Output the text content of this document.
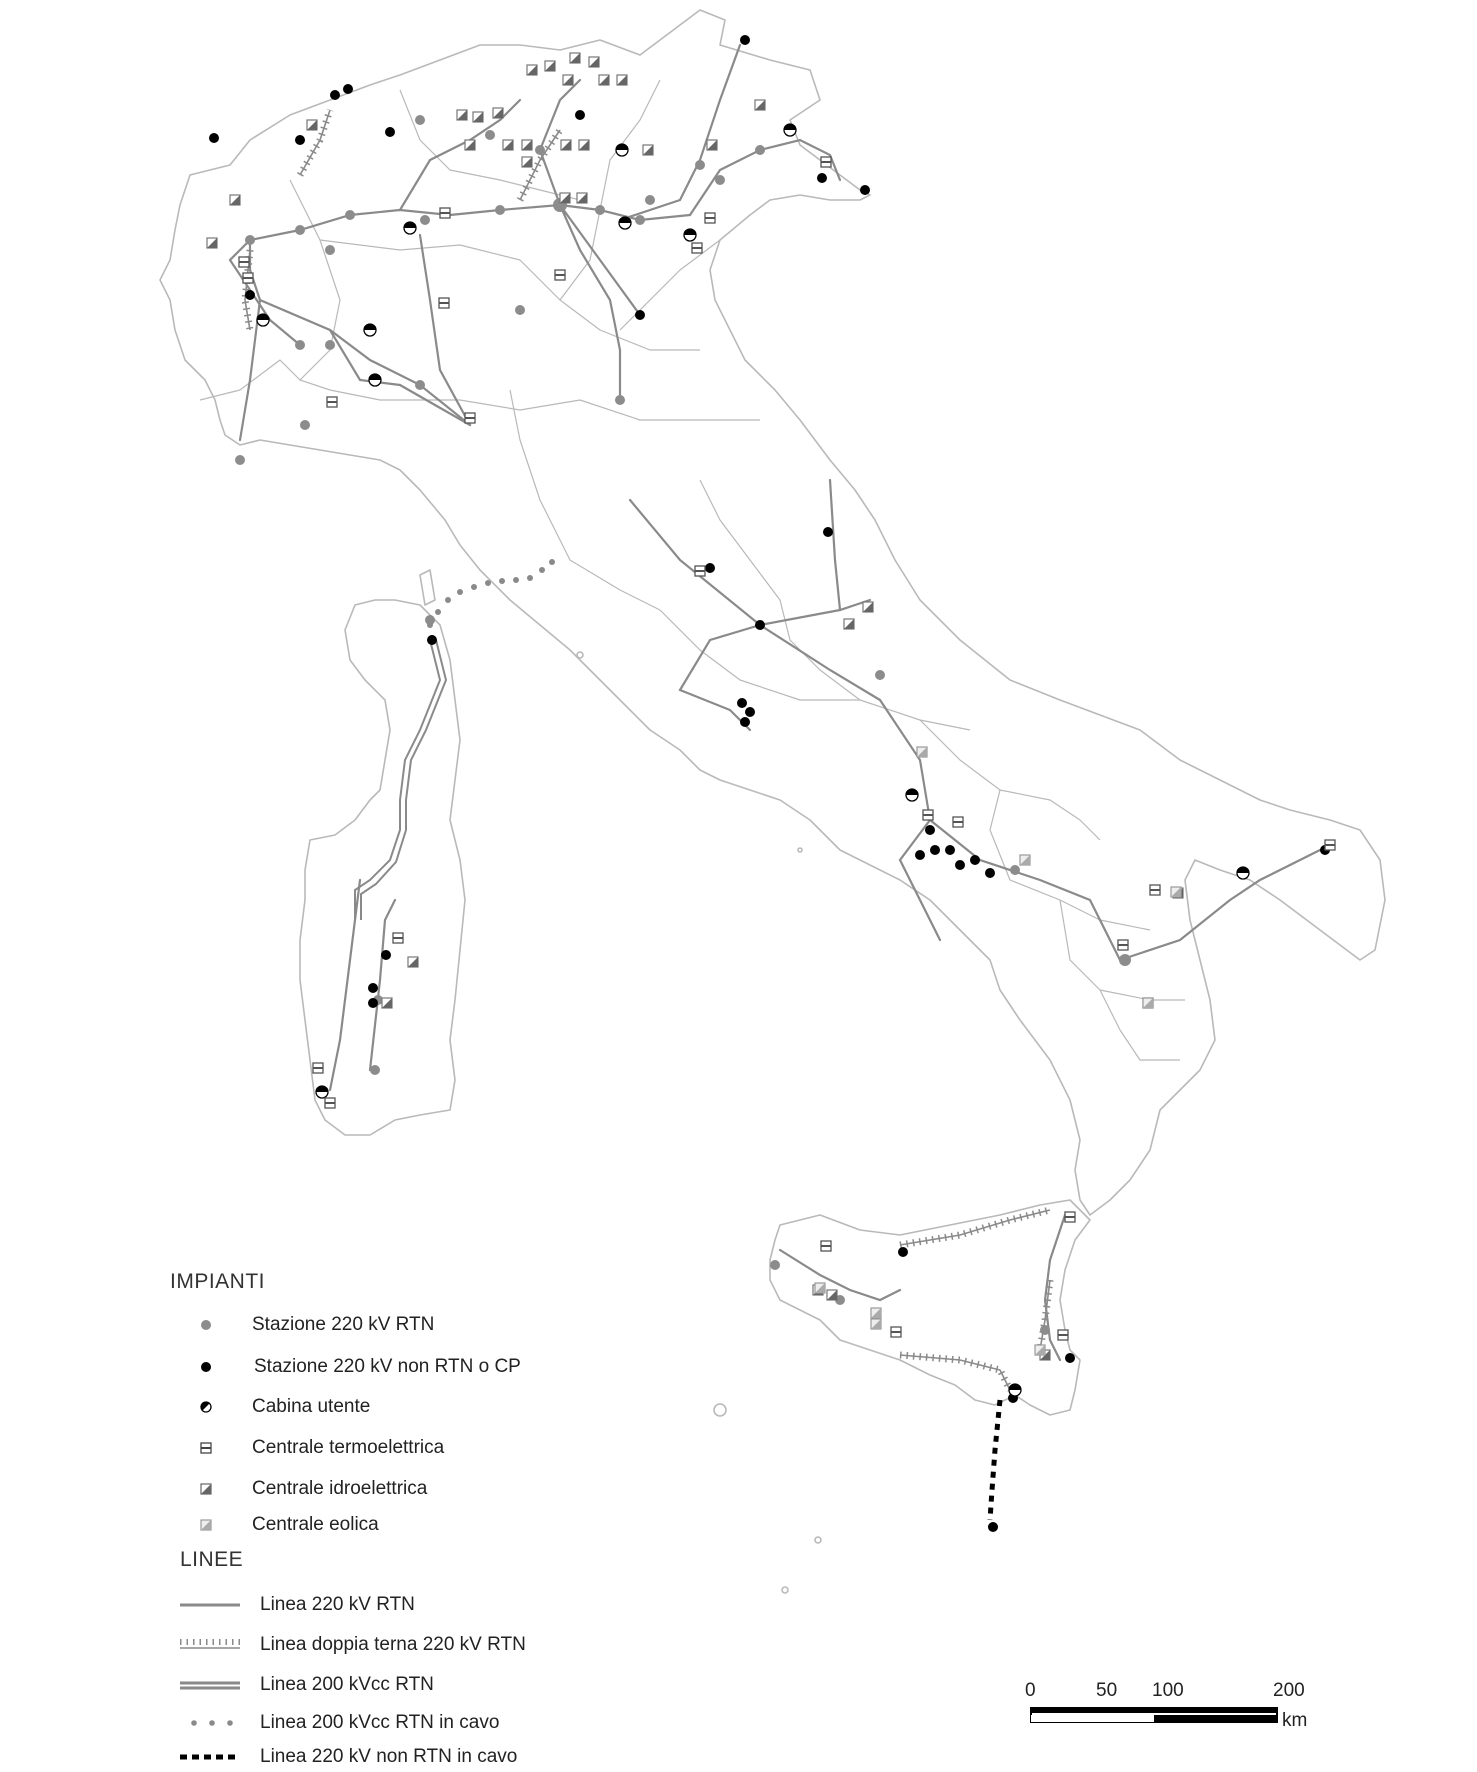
IMPIANTI
Stazione 220 kV RTN
Stazione 220 kV non RTN o CP
Cabina utente
Centrale termoelettrica
Centrale idroelettrica
Centrale eolica
LINEE
Linea 220 kV RTN
Linea doppia terna 220 kV RTN
Linea 200 kVcc RTN
Linea 200 kVcc RTN in cavo
Linea 220 kV non RTN in cavo
0	50 100	200
km
